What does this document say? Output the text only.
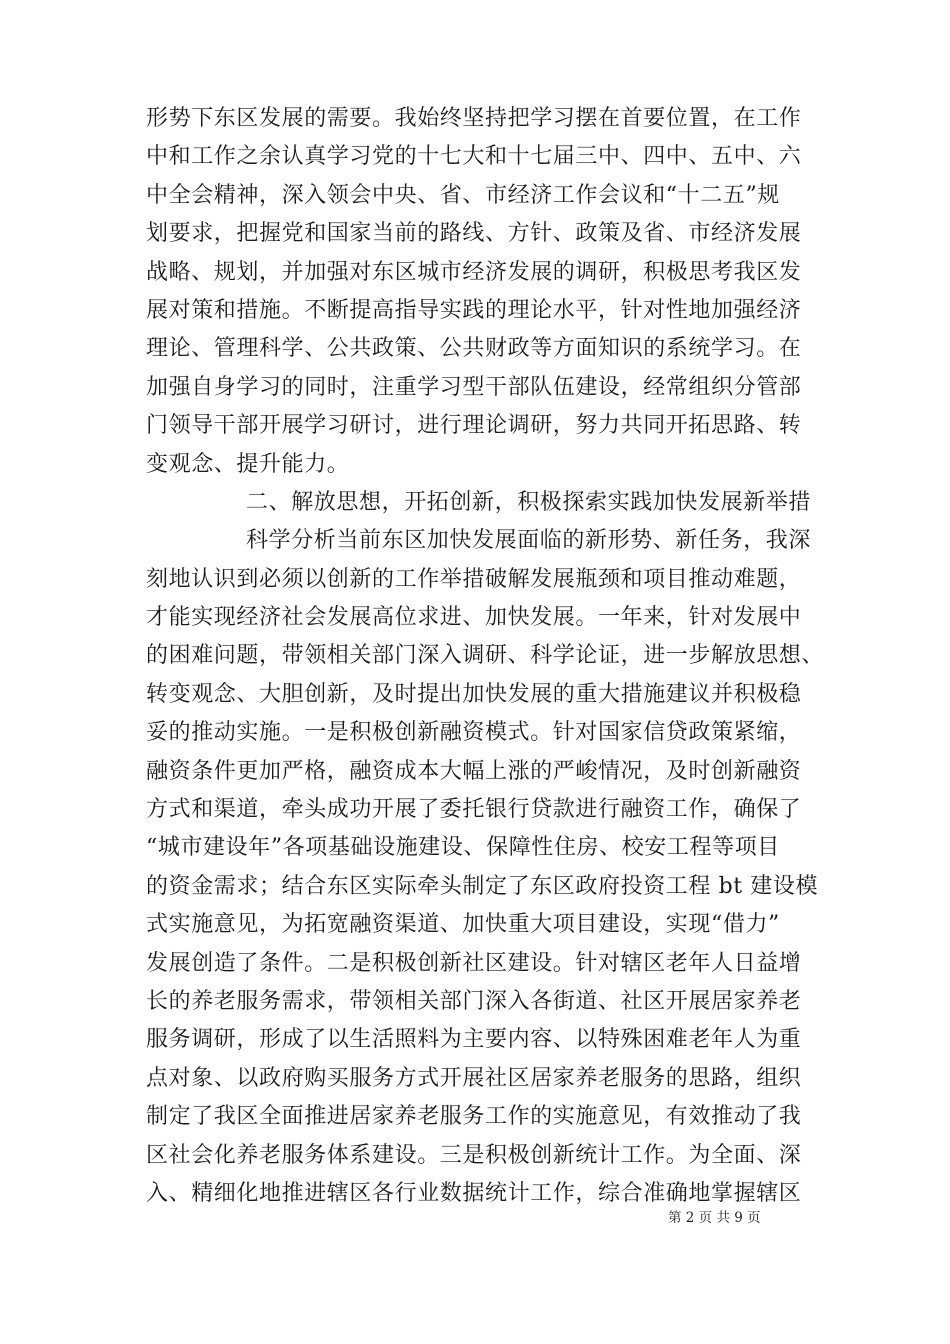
形势下东区发展的需要。我始终坚持把学习摆在首要位置，在工作
中和工作之余认真学习党的十七大和十七届三中、四中、五中、六
中全会精神，深入领会中央、省、市经济工作会议和“十二五”规
划要求，把握党和国家当前的路线、方针、政策及省、市经济发展
战略、规划，并加强对东区城市经济发展的调研，积极思考我区发
展对策和措施。不断提高指导实践的理论水平，针对性地加强经济
理论、管理科学、公共政策、公共财政等方面知识的系统学习。在
加强自身学习的同时，注重学习型干部队伍建设，经常组织分管部
门领导干部开展学习研讨，进行理论调研，努力共同开拓思路、转
变观念、提升能力。
二、解放思想，开拓创新，积极探索实践加快发展新举措
科学分析当前东区加快发展面临的新形势、新任务，我深
刻地认识到必须以创新的工作举措破解发展瓶颈和项目推动难题，
才能实现经济社会发展高位求进、加快发展。一年来，针对发展中
的困难问题，带领相关部门深入调研、科学论证，进一步解放思想、
转变观念、大胆创新，及时提出加快发展的重大措施建议并积极稳
妥的推动实施。一是积极创新融资模式。针对国家信贷政策紧缩，
融资条件更加严格，融资成本大幅上涨的严峻情况，及时创新融资
方式和渠道，牵头成功开展了委托银行贷款进行融资工作，确保了
“城市建设年”各项基础设施建设、保障性住房、校安工程等项目
的资金需求；结合东区实际牵头制定了东区政府投资工程 bt 建设模
式实施意见，为拓宽融资渠道、加快重大项目建设，实现“借力”
发展创造了条件。二是积极创新社区建设。针对辖区老年人日益增
长的养老服务需求，带领相关部门深入各街道、社区开展居家养老
服务调研，形成了以生活照料为主要内容、以特殊困难老年人为重
点对象、以政府购买服务方式开展社区居家养老服务的思路，组织
制定了我区全面推进居家养老服务工作的实施意见，有效推动了我
区社会化养老服务体系建设。三是积极创新统计工作。为全面、深
入、精细化地推进辖区各行业数据统计工作，综合准确地掌握辖区
第 2 页 共 9 页
